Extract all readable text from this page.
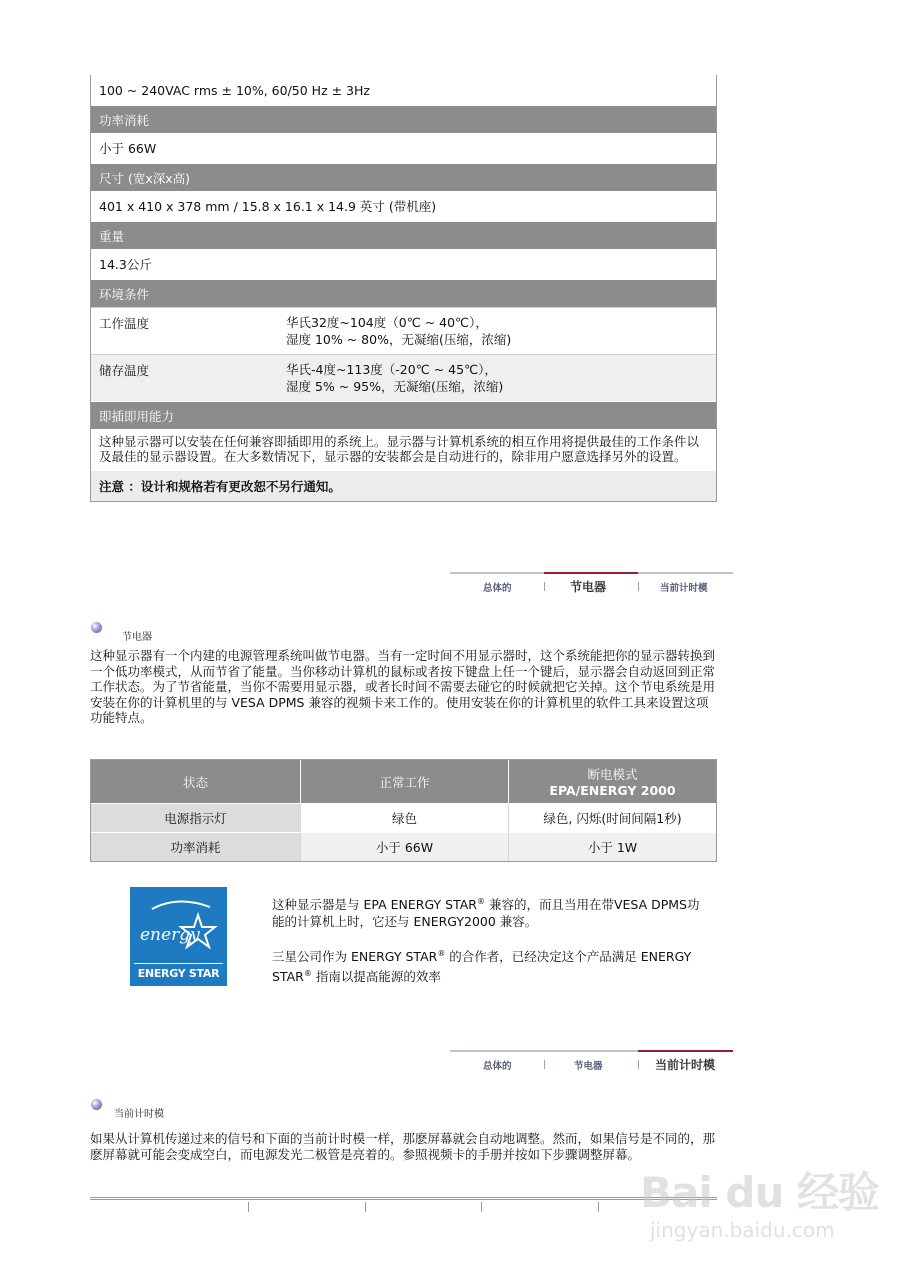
100 ~ 240VAC rms ± 10%, 60/50 Hz ± 3Hz
功率消耗
小于 66W
尺寸 (宽x深x高)
401 x 410 x 378 mm / 15.8 x 16.1 x 14.9 英寸 (带机座)
重量
14.3公斤
环境条件
工作温度	华氏32度~104度（0℃ ~ 40℃），
湿度 10% ~ 80%，无凝缩(压缩，浓缩)
储存温度	华氏-4度~113度（-20℃ ~ 45℃），
湿度 5% ~ 95%，无凝缩(压缩，浓缩)
即插即用能力
这种显示器可以安装在任何兼容即插即用的系统上。显示器与计算机系统的相互作用将提供最佳的工作条件以及最佳的显示器设置。在大多数情况下，显示器的安装都会是自动进行的，除非用户愿意选择另外的设置。
注意 ：设计和规格若有更改恕不另行通知。
总体的	节电器	当前计时模
节电器
这种显示器有一个内建的电源管理系统叫做节电器。当有一定时间不用显示器时，这个系统能把你的显示器转换到一个低功率模式，从而节省了能量。当你移动计算机的鼠标或者按下键盘上任一个键后，显示器会自动返回到正常工作状态。为了节省能量，当你不需要用显示器，或者长时间不需要去碰它的时候就把它关掉。这个节电系统是用安装在你的计算机里的与 VESA DPMS 兼容的视频卡来工作的。使用安装在你的计算机里的软件工具来设置这项功能特点。
状态	正常工作	断电模式
EPA/ENERGY 2000
电源指示灯	绿色	绿色, 闪烁(时间间隔1秒)
功率消耗	小于 66W	小于 1W
energy
ENERGY STAR
这种显示器是与 EPA ENERGY STAR® 兼容的，而且当用在带VESA DPMS功能的计算机上时，它还与 ENERGY2000 兼容。
三星公司作为 ENERGY STAR® 的合作者，已经决定这个产品满足 ENERGY STAR® 指南以提高能源的效率
总体的	节电器	当前计时模
当前计时模
如果从计算机传递过来的信号和下面的当前计时模一样，那麽屏幕就会自动地调整。然而，如果信号是不同的，那麽屏幕就可能会变成空白，而电源发光二极管是亮着的。参照视频卡的手册并按如下步骤调整屏幕。
Bai du 经验
jingyan.baidu.com
